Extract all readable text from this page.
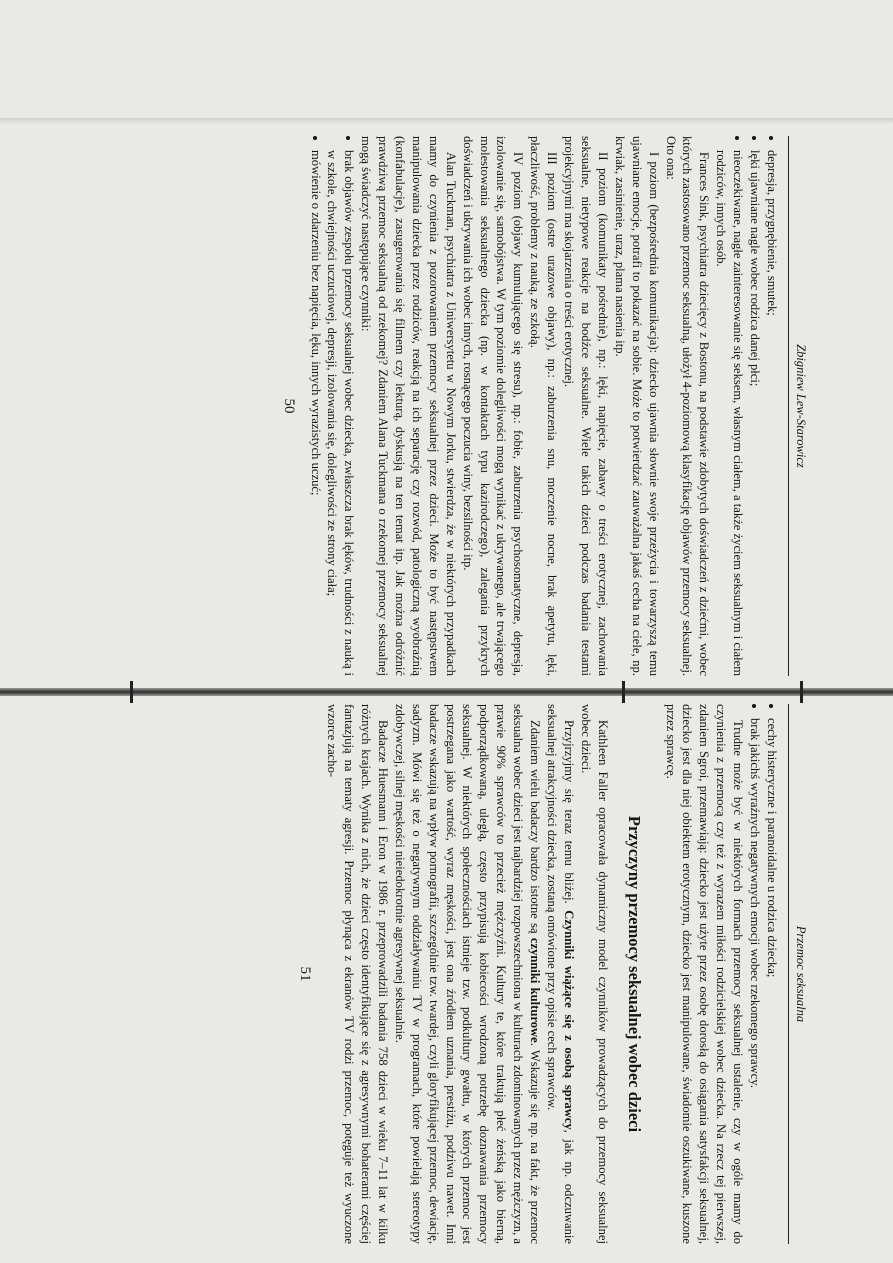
Zbigniew Lew-Starowicz
• depresja, przygnębienie, smutek;
• lęki ujawniane nagle wobec rodzica danej płci;
• nieoczekiwane, nagłe zainteresowanie się seksem, własnym ciałem, a także życiem seksualnym i ciałem rodziców, innych osób.

Frances Sink, psychiatra dziecięcy z Bostonu, na podstawie zdobytych doświadczeń z dziećmi, wobec których zastosowano przemoc seksualną, ułożył 4-poziomową klasyfikację objawów przemocy seksualnej. Oto ona:

I poziom (bezpośrednia komunikacja): dziecko ujawnia słownie swoje przeżycia i towarzyszą temu ujawniane emocje, potrafi to pokazać na sobie. Może to potwierdzać zauważalna jakaś cecha na ciele, np. krwiak, zasinienie, uraz, plama nasienia itp.

II poziom (komunikaty pośrednie), np.: lęki, napięcie, zabawy o treści erotycznej, zachowania seksualne, nietypowe reakcje na bodźce seksualne. Wiele takich dzieci podczas badania testami projekcyjnymi ma skojarzenia o treści erotycznej.

III poziom (ostre urazowe objawy), np.: zaburzenia snu, moczenie nocne, brak apetytu, lęki, płaczliwość, problemy z nauką, ze szkołą.

IV poziom (objawy kumulującego się stresu), np.: fobie, zaburzenia psychosomatyczne, depresja, izolowanie się, samobójstwa. W tym poziomie dolegliwości mogą wynikać z ukrywanego, ale trwającego molestowania seksualnego dziecka (np. w kontaktach typu kazirodczego), zalegania przykrych doświadczeń i ukrywania ich wobec innych, rosnącego poczucia winy, bezsilności itp.

Alan Tuckman, psychiatra z Uniwersytetu w Nowym Jorku, stwierdza, że w niektórych przypadkach mamy do czynienia z pozorowaniem przemocy seksualnej przez dzieci. Może to być następstwem manipulowania dziecka przez rodziców, reakcją na ich separację czy rozwód, patologiczną wyobraźnią (konfabulacje), zasugerowania się filmem czy lekturą, dyskusją na ten temat itp. Jak można odróżnić prawdziwą przemoc seksualną od rzekomej? Zdaniem Alana Tuckmana o rzekomej przemocy seksualnej mogą świadczyć następujące czynniki:

• brak objawów zespołu przemocy seksualnej wobec dziecka, zwłaszcza brak lęków, trudności z nauką i w szkole, chwiejności uczuciowej, depresji, izolowania się, dolegliwości ze strony ciała;
• mówienie o zdarzeniu bez napięcia, lęku, innych wyrazistych uczuć;
50
Przemoc seksualna
• cechy histeryczne i paranoidalne u rodzica dziecka;
• brak jakichś wyraźnych negatywnych emocji wobec rzekomego sprawcy.

Trudne może być w niektórych formach przemocy seksualnej ustalenie, czy w ogóle mamy do czynienia z przemocą czy też z wyrazem miłości rodzicielskiej wobec dziecka. Na rzecz tej pierwszej, zdaniem Sgroi, przemawiają: dziecko jest użyte przez osobę dorosłą do osiągania satysfakcji seksualnej, dziecko jest dla niej obiektem erotycznym, dziecko jest manipulowane, świadomie oszukiwane, kuszone przez sprawcę.

Przyczyny przemocy seksualnej wobec dzieci

Kathleen Faller opracowała dynamiczny model czynników prowadzących do przemocy seksualnej wobec dzieci.

Przyjrzyjmy się teraz temu bliżej. Czynniki wiążące się z osobą sprawcy, jak np. odczuwanie seksualnej atrakcyjności dziecka, zostaną omówione przy opisie cech sprawców.

Zdaniem wielu badaczy bardzo istotne są czynniki kulturowe. Wskazuje się np. na fakt, że przemoc seksualna wobec dzieci jest najbardziej rozpowszechniona w kulturach zdominowanych przez mężczyzn, a prawie 90% sprawców to przecież mężczyźni. Kultury te, które traktują płeć żeńską jako bierną, podporządkowaną, uległą, często przypisują kobiecości wrodzoną potrzebę doznawania przemocy seksualnej. W niektórych społecznościach istnieje tzw. podkultury gwałtu, w których przemoc jest postrzegana jako wartość, wyraz męskości, jest ona źródłem uznania, prestiżu, podziwu nawet. Inni badacze wskazują na wpływ pornografii, szczególnie tzw. twardej, czyli gloryfikującej przemoc, dewiację, sadyzm. Mówi się też o negatywnym oddziaływaniu TV w programach, które powielają stereotypy zdobywczej, silnej męskości nieiedokrotnie agresywnej seksualnie.

Badacze Huesmann i Eron w 1986 r. przeprowadzili badania 758 dzieci w wieku 7–11 lat w kilku różnych krajach. Wynika z nich, że dzieci często identyfikujące się z agresywnymi bohaterami częściej fantazjują na tematy agresji. Przemoc płynąca z ekranów TV rodzi przemoc, potęguje też wyuczone wzorce zacho-

51
